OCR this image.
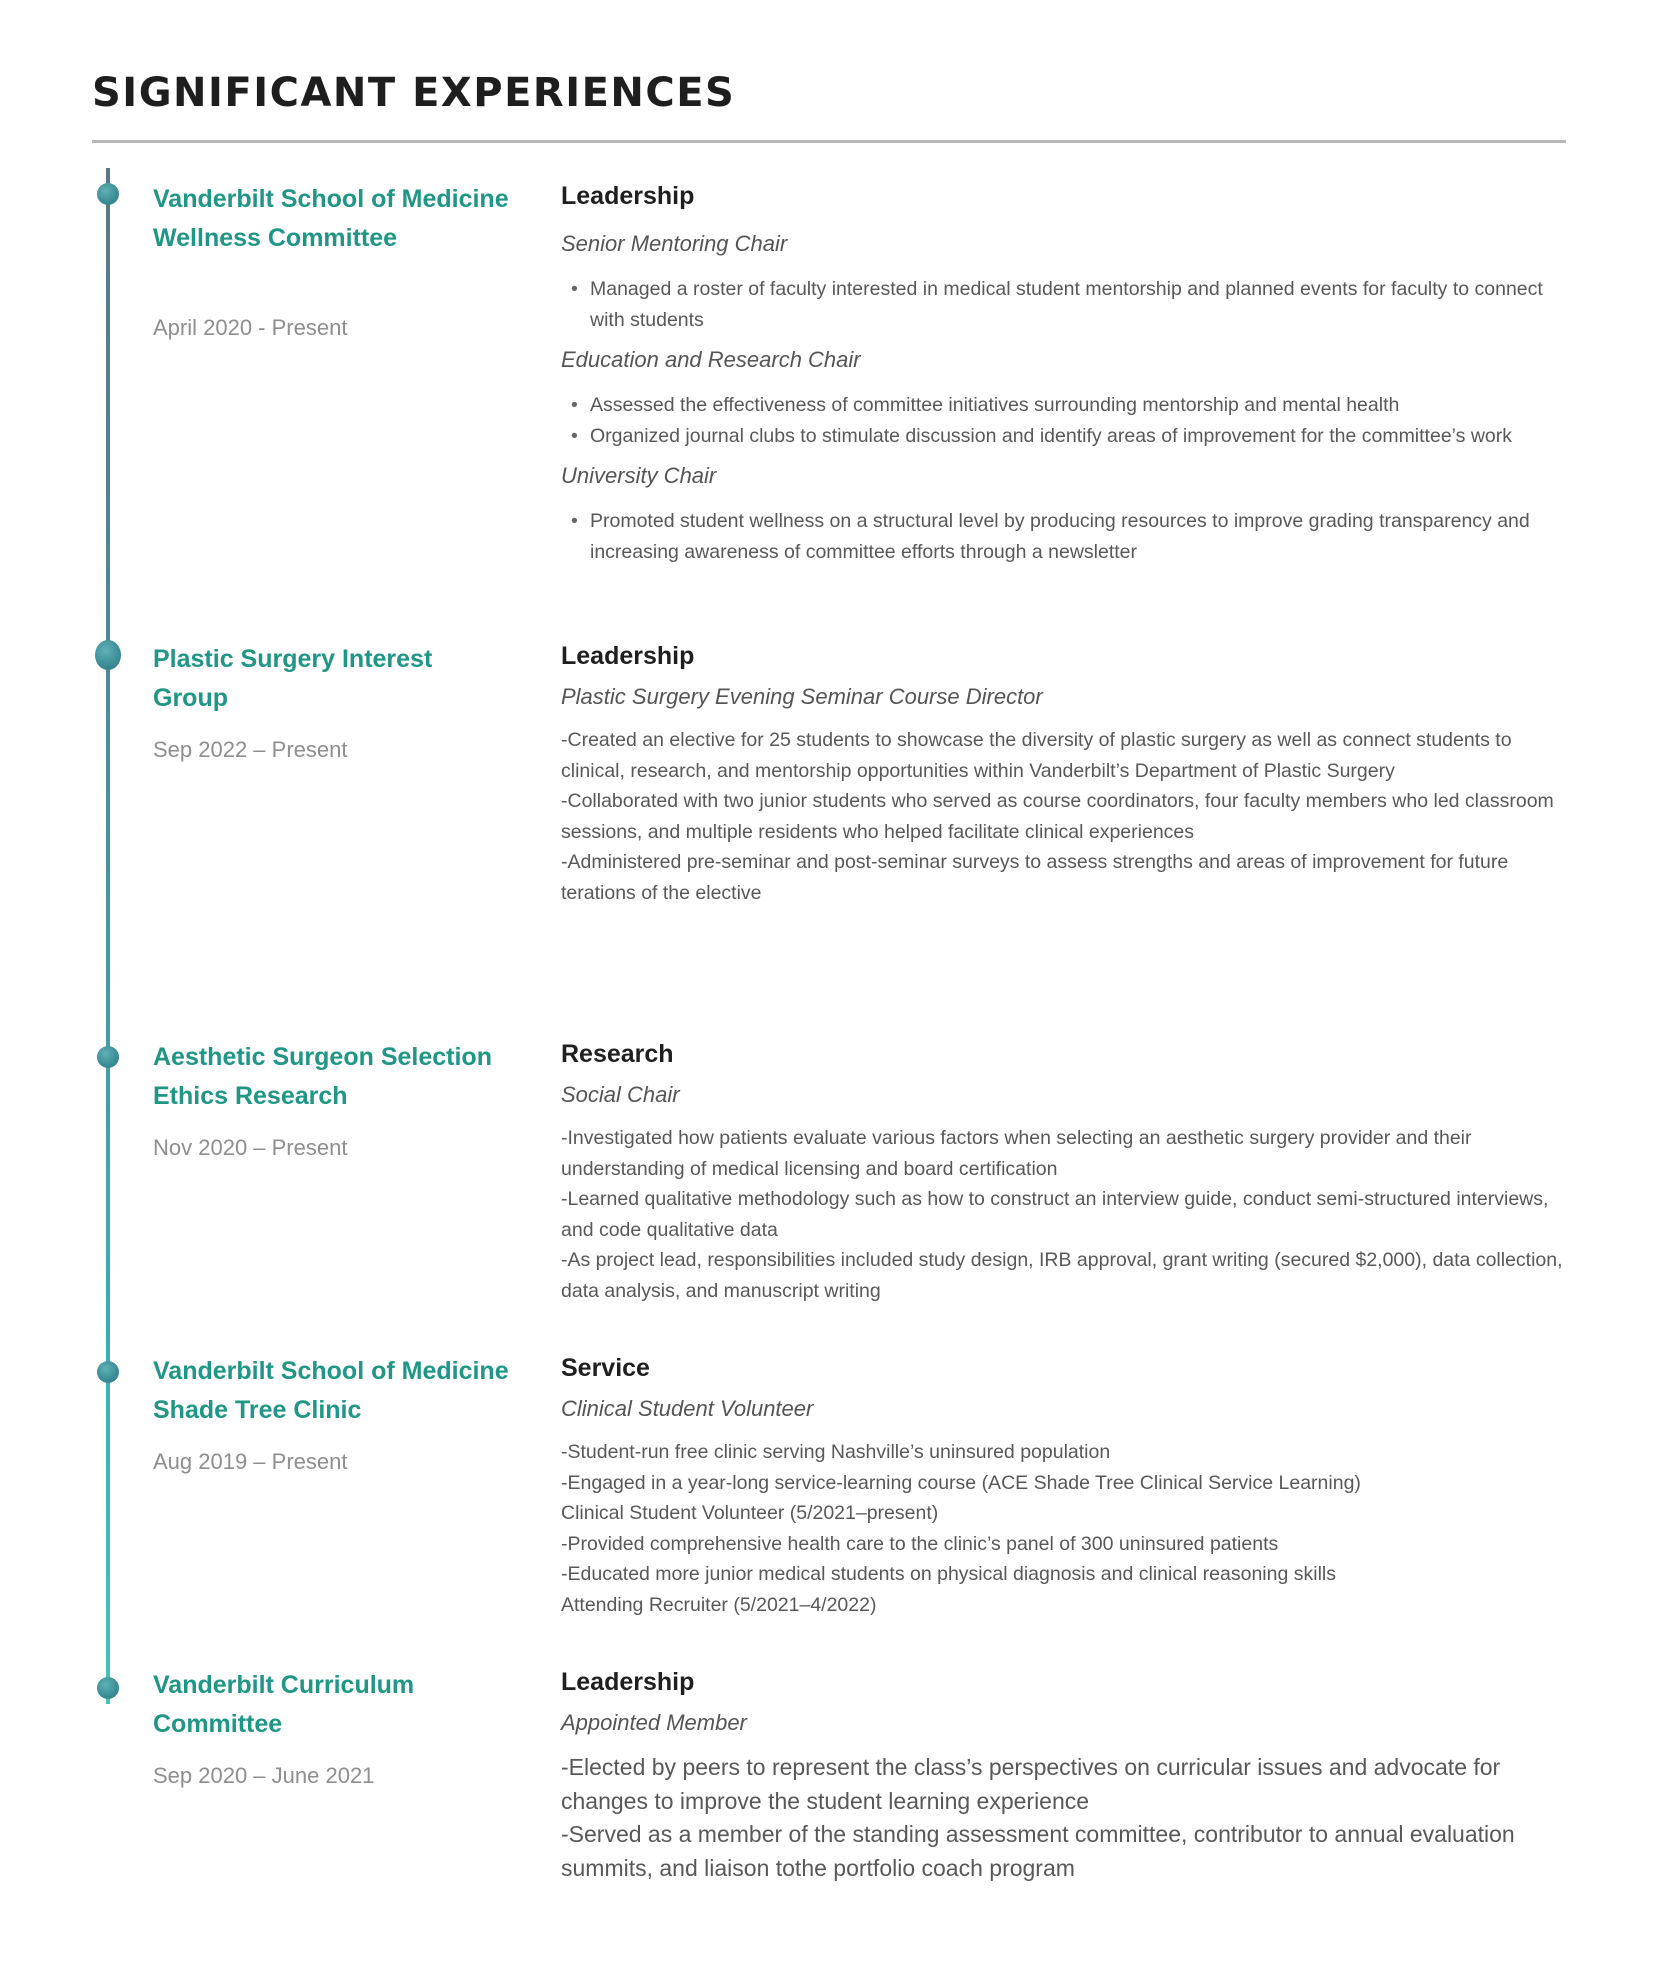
SIGNIFICANT EXPERIENCES
Vanderbilt School of Medicine Wellness Committee
April 2020 - Present
Leadership
Senior Mentoring Chair
• Managed a roster of faculty interested in medical student mentorship and planned events for faculty to connect with students
Education and Research Chair
• Assessed the effectiveness of committee initiatives surrounding mentorship and mental health
• Organized journal clubs to stimulate discussion and identify areas of improvement for the committee’s work
University Chair
• Promoted student wellness on a structural level by producing resources to improve grading transparency and increasing awareness of committee efforts through a newsletter
Plastic Surgery Interest Group
Sep 2022 – Present
Leadership
Plastic Surgery Evening Seminar Course Director

-Created an elective for 25 students to showcase the diversity of plastic surgery as well as connect students to clinical, research, and mentorship opportunities within Vanderbilt’s Department of Plastic Surgery

-Collaborated with two junior students who served as course coordinators, four faculty members who led classroom sessions, and multiple residents who helped facilitate clinical experiences

-Administered pre-seminar and post-seminar surveys to assess strengths and areas of improvement for future terations of the elective

Aesthetic Surgeon Selection Ethics Research
Nov 2020 – Present
Research
Social Chair

-Investigated how patients evaluate various factors when selecting an aesthetic surgery provider and their understanding of medical licensing and board certification

-Learned qualitative methodology such as how to construct an interview guide, conduct semi-structured interviews, and code qualitative data

-As project lead, responsibilities included study design, IRB approval, grant writing (secured $2,000), data collection, data analysis, and manuscript writing

Vanderbilt School of Medicine Shade Tree Clinic
Aug 2019 – Present
Service
Clinical Student Volunteer

-Student-run free clinic serving Nashville’s uninsured population

-Engaged in a year-long service-learning course (ACE Shade Tree Clinical Service Learning)

Clinical Student Volunteer (5/2021–present)

-Provided comprehensive health care to the clinic’s panel of 300 uninsured patients

-Educated more junior medical students on physical diagnosis and clinical reasoning skills

Attending Recruiter (5/2021–4/2022)

Vanderbilt Curriculum Committee
Sep 2020 – June 2021
Leadership
Appointed Member

-Elected by peers to represent the class’s perspectives on curricular issues and advocate for changes to improve the student learning experience

-Served as a member of the standing assessment committee, contributor to annual evaluation summits, and liaison tothe portfolio coach program
